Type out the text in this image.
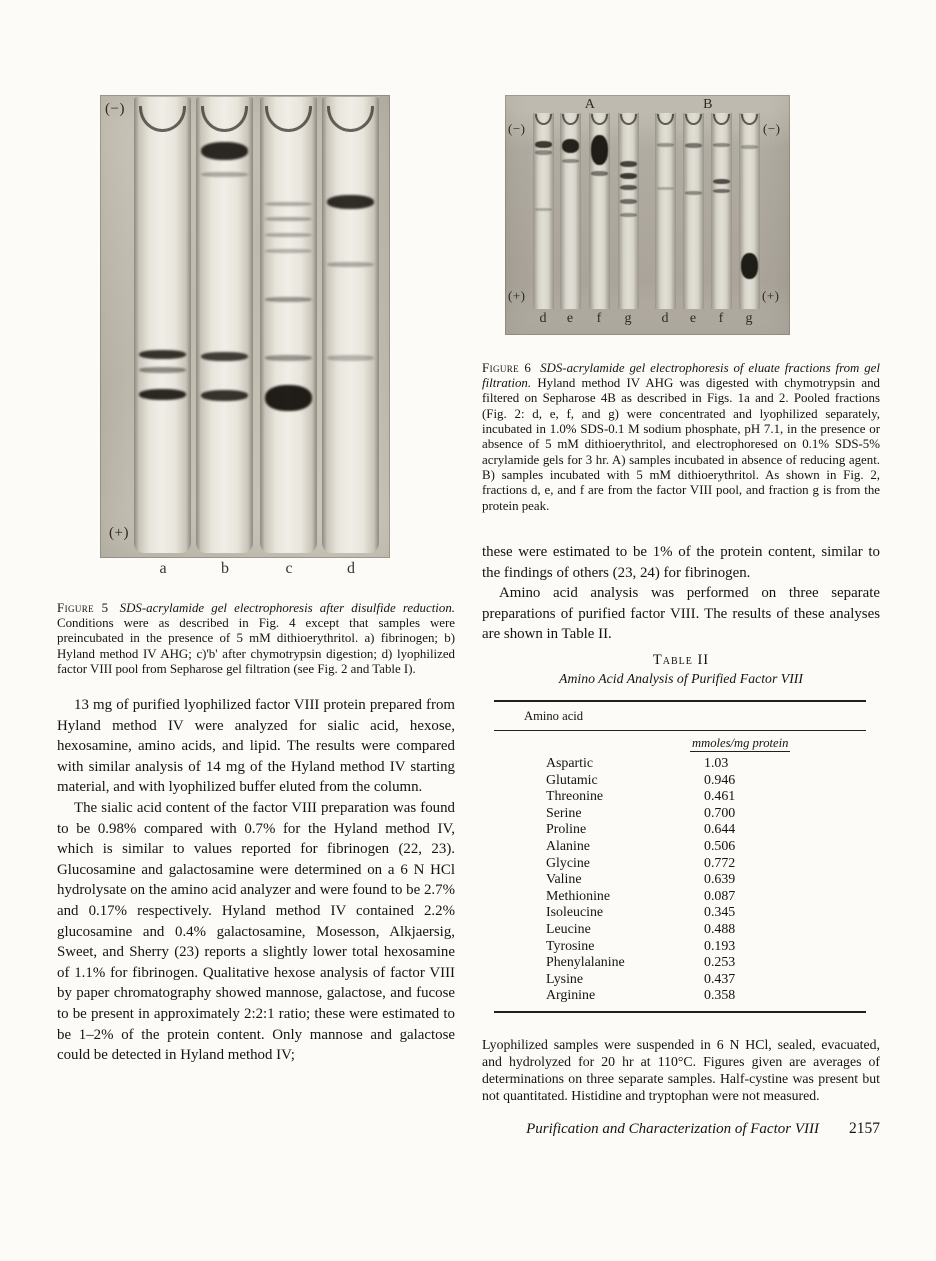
(−)
(+)
a	b	c	d
A	B
(−)	(−)
(+)	(+)
d e f g d e f g

Figure 5 SDS-acrylamide gel electrophoresis after disulfide reduction. Conditions were as described in Fig. 4 except that samples were preincubated in the presence of 5 mM dithioerythritol. a) fibrinogen; b) Hyland method IV AHG; c)'b' after chymotrypsin digestion; d) lyophilized factor VIII pool from Sepharose gel filtration (see Fig. 2 and Table I).

Figure 6 SDS-acrylamide gel electrophoresis of eluate fractions from gel filtration. Hyland method IV AHG was digested with chymotrypsin and filtered on Sepharose 4B as described in Figs. 1a and 2. Pooled fractions (Fig. 2: d, e, f, and g) were concentrated and lyophilized separately, incubated in 1.0% SDS-0.1 M sodium phosphate, pH 7.1, in the presence or absence of 5 mM dithioerythritol, and electrophoresed on 0.1% SDS-5% acrylamide gels for 3 hr. A) samples incubated in absence of reducing agent. B) samples incubated with 5 mM dithioerythritol. As shown in Fig. 2, fractions d, e, and f are from the factor VIII pool, and fraction g is from the protein peak.

13 mg of purified lyophilized factor VIII protein prepared from Hyland method IV were analyzed for sialic acid, hexose, hexosamine, amino acids, and lipid. The results were compared with similar analysis of 14 mg of the Hyland method IV starting material, and with lyophilized buffer eluted from the column.

The sialic acid content of the factor VIII preparation was found to be 0.98% compared with 0.7% for the Hyland method IV, which is similar to values reported for fibrinogen (22, 23). Glucosamine and galactosamine were determined on a 6 N HCl hydrolysate on the amino acid analyzer and were found to be 2.7% and 0.17% respectively. Hyland method IV contained 2.2% glucosamine and 0.4% galactosamine, Mosesson, Alkjaersig, Sweet, and Sherry (23) reports a slightly lower total hexosamine of 1.1% for fibrinogen. Qualitative hexose analysis of factor VIII by paper chromatography showed mannose, galactose, and fucose to be present in approximately 2:2:1 ratio; these were estimated to be 1–2% of the protein content. Only mannose and galactose could be detected in Hyland method IV;

these were estimated to be 1% of the protein content, similar to the findings of others (23, 24) for fibrinogen.

Amino acid analysis was performed on three separate preparations of purified factor VIII. The results of these analyses are shown in Table II.

Table II
Amino Acid Analysis of Purified Factor VIII
Amino acid
mmoles/mg protein
Aspartic	1.03
Glutamic	0.946
Threonine	0.461
Serine	0.700
Proline	0.644
Alanine	0.506
Glycine	0.772
Valine	0.639
Methionine	0.087
Isoleucine	0.345
Leucine	0.488
Tyrosine	0.193
Phenylalanine	0.253
Lysine	0.437
Arginine	0.358

Lyophilized samples were suspended in 6 N HCl, sealed, evacuated, and hydrolyzed for 20 hr at 110°C. Figures given are averages of determinations on three separate samples. Half-cystine was present but not quantitated. Histidine and tryptophan were not measured.

Purification and Characterization of Factor VIII 2157
